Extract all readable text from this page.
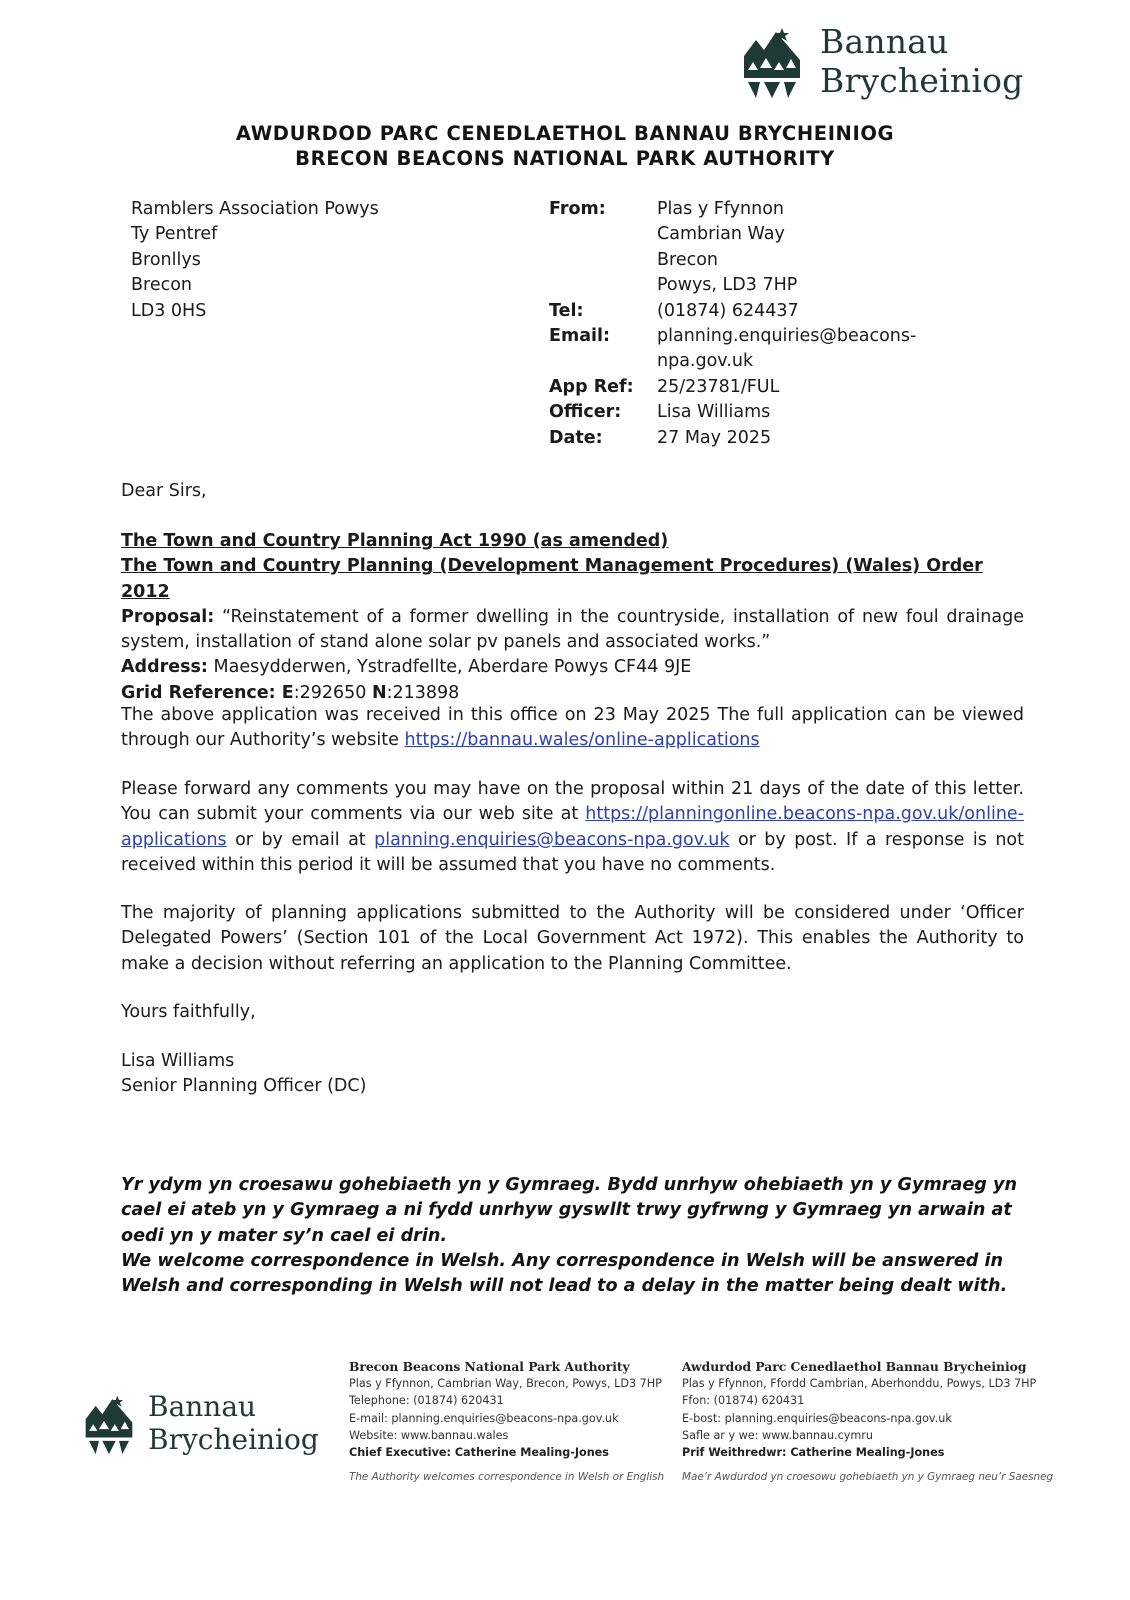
Bannau
Brycheiniog
AWDURDOD PARC CENEDLAETHOL BANNAU BRYCHEINIOG
BRECON BEACONS NATIONAL PARK AUTHORITY
Ramblers Association Powys
Ty Pentref
Bronllys
Brecon
LD3 0HS
From:	Plas y Ffynnon
Cambrian Way
Brecon
Powys, LD3 7HP
Tel:	(01874) 624437
Email:	planning.enquiries@beacons-
npa.gov.uk
App Ref: 25/23781/FUL
Officer: Lisa Williams
Date:	27 May 2025
Dear Sirs,

The Town and Country Planning Act 1990 (as amended)

The Town and Country Planning (Development Management Procedures) (Wales) Order 2012

Proposal: “Reinstatement of a former dwelling in the countryside, installation of new foul drainage system, installation of stand alone solar pv panels and associated works.”

Address: Maesydderwen, Ystradfellte, Aberdare Powys CF44 9JE

Grid Reference: E:292650 N:213898

The above application was received in this office on 23 May 2025 The full application can be viewed through our Authority’s website https://bannau.wales/online-applications

Please forward any comments you may have on the proposal within 21 days of the date of this letter. You can submit your comments via our web site at https://planningonline.beacons-npa.gov.uk/online-applications or by email at planning.enquiries@beacons-npa.gov.uk or by post. If a response is not received within this period it will be assumed that you have no comments.

The majority of planning applications submitted to the Authority will be considered under ‘Officer Delegated Powers’ (Section 101 of the Local Government Act 1972). This enables the Authority to make a decision without referring an application to the Planning Committee.
Yours faithfully,
Lisa Williams
Senior Planning Officer (DC)

Yr ydym yn croesawu gohebiaeth yn y Gymraeg. Bydd unrhyw ohebiaeth yn y Gymraeg yn cael ei ateb yn y Gymraeg a ni fydd unrhyw gyswllt trwy gyfrwng y Gymraeg yn arwain at oedi yn y mater sy’n cael ei drin.

We welcome correspondence in Welsh. Any correspondence in Welsh will be answered in Welsh and corresponding in Welsh will not lead to a delay in the matter being dealt with.

Bannau
Brycheiniog
Brecon Beacons National Park Authority
Plas y Ffynnon, Cambrian Way, Brecon, Powys, LD3 7HP
Telephone: (01874) 620431
E-mail: planning.enquiries@beacons-npa.gov.uk
Website: www.bannau.wales
Chief Executive: Catherine Mealing-Jones
The Authority welcomes correspondence in Welsh or English
Awdurdod Parc Cenedlaethol Bannau Brycheiniog
Plas y Ffynnon, Ffordd Cambrian, Aberhonddu, Powys, LD3 7HP
Ffon: (01874) 620431
E-bost: planning.enquiries@beacons-npa.gov.uk
Safle ar y we: www.bannau.cymru
Prif Weithredwr: Catherine Mealing-Jones
Mae’r Awdurdod yn croesowu gohebiaeth yn y Gymraeg neu’r Saesneg
